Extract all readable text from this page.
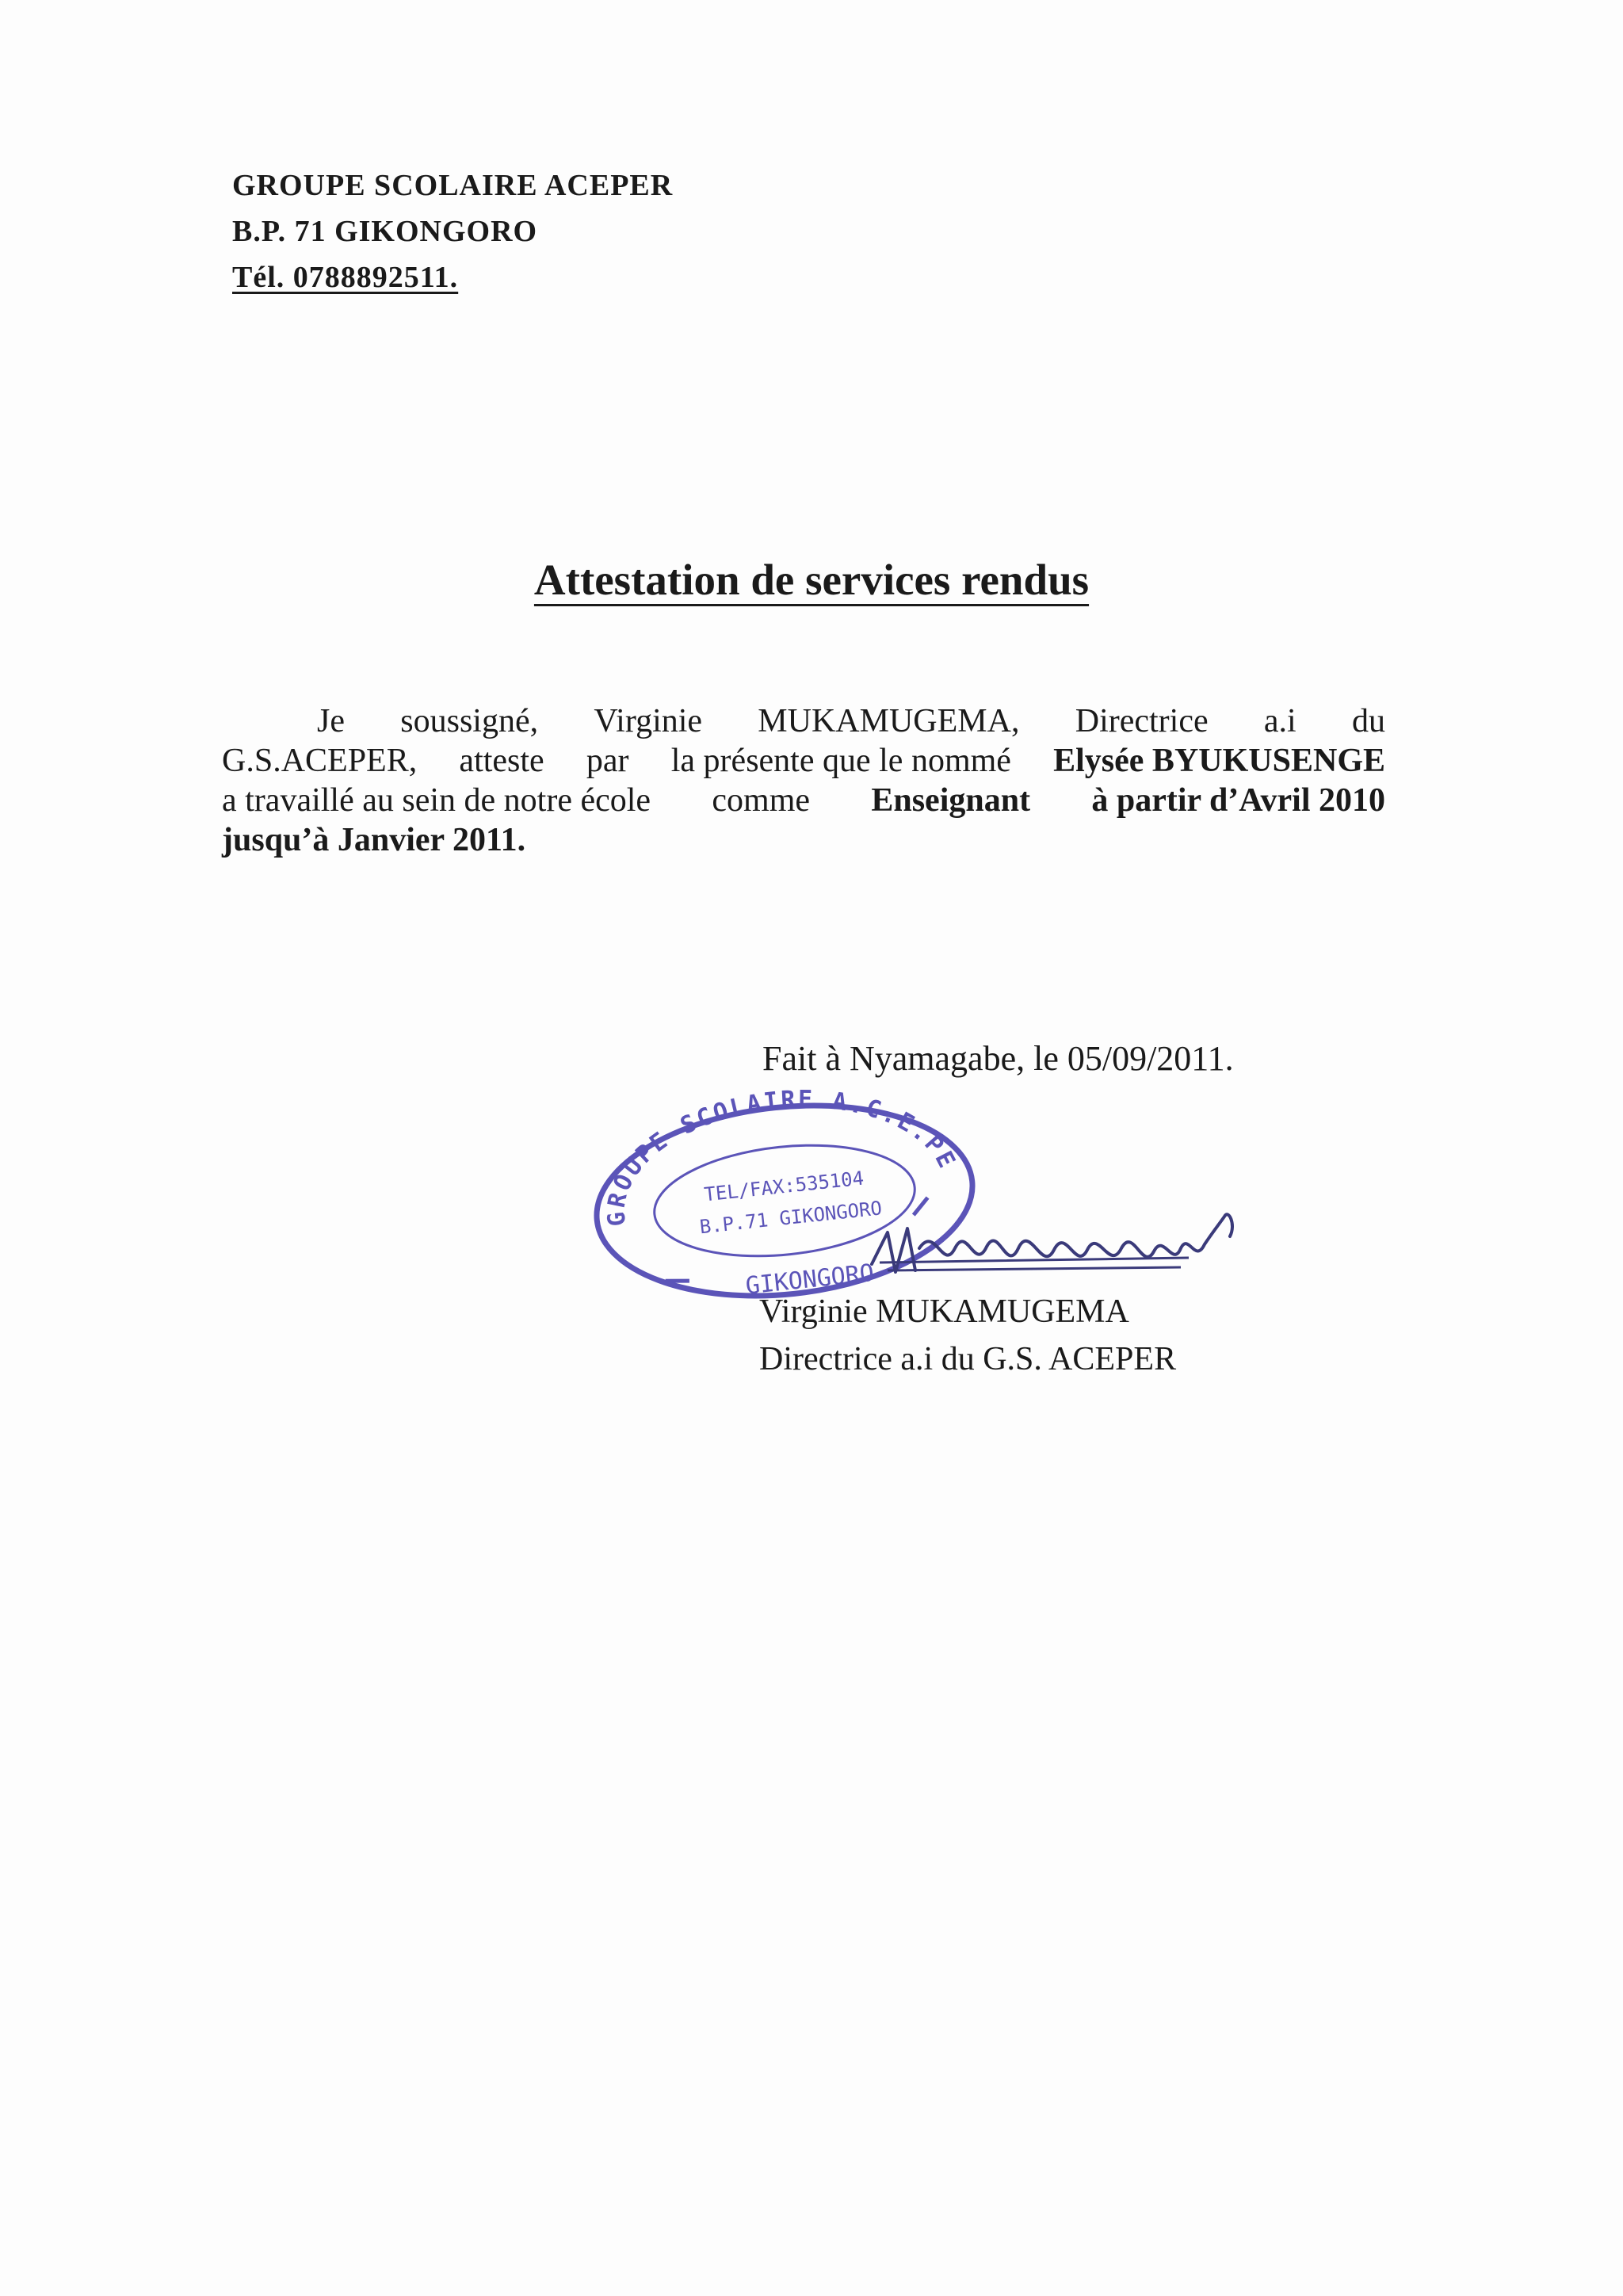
GROUPE SCOLAIRE ACEPER
B.P. 71 GIKONGORO
Tél. 0788892511.
Attestation de services rendus
Je soussigné, Virginie MUKAMUGEMA, Directrice a.i du
G.S.ACEPER, atteste par la présente que le nommé Elysée BYUKUSENGE
a travaillé au sein de notre école comme Enseignant à partir d’Avril 2010
jusqu’à Janvier 2011.
Fait à Nyamagabe, le 05/09/2011.
GROUPE SCOLAIRE A.C.E.PE.R.
TEL/FAX:535104
B.P.71 GIKONGORO
GIKONGORO
Virginie MUKAMUGEMA
Directrice a.i du G.S. ACEPER
